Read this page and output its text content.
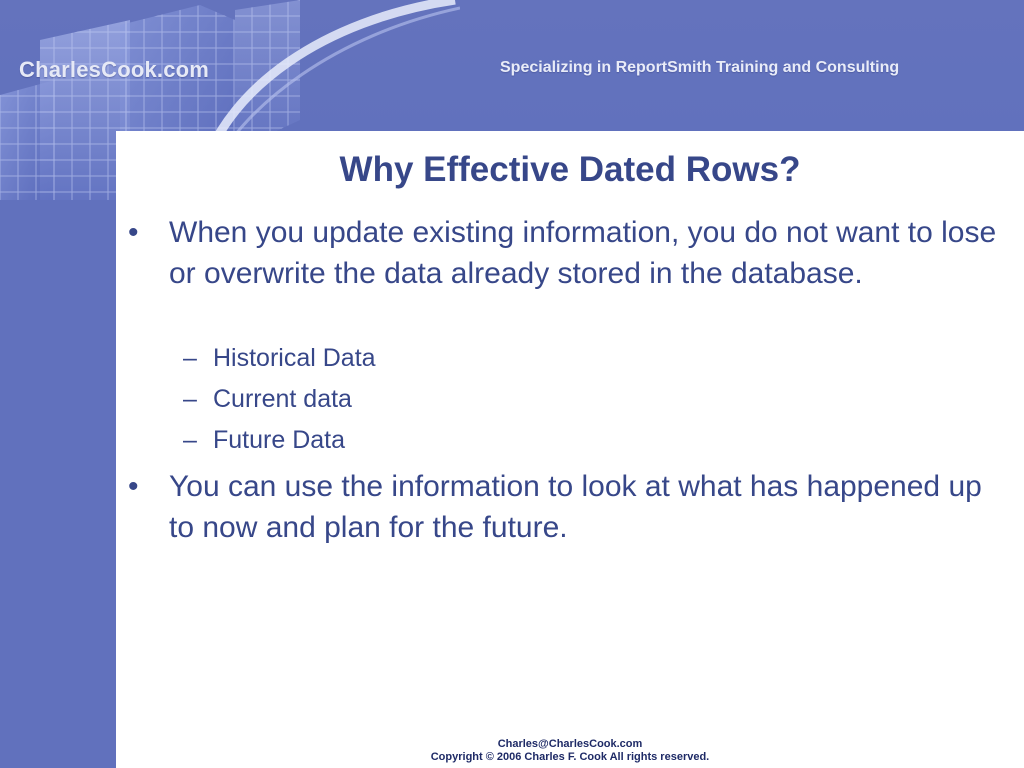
CharlesCook.com	Specializing in ReportSmith Training and Consulting
Why Effective Dated Rows?
•	When you update existing information, you do not want to lose or overwrite the data already stored in the database.
– Historical Data
– Current data
– Future Data
•	You can use the information to look at what has happened up to now and plan for the future.
Charles@CharlesCook.com
Copyright © 2006 Charles F. Cook All rights reserved.
